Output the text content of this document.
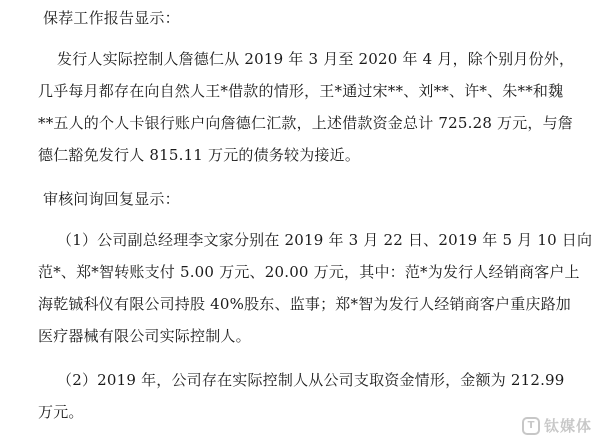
保荐工作报告显示：
发行人实际控制人詹德仁从 2019 年 3 月至 2020 年 4 月，除个别月份外，
几乎每月都存在向自然人王*借款的情形，王*通过宋**、刘**、许*、朱**和魏
**五人的个人卡银行账户向詹德仁汇款，上述借款资金总计 725.28 万元，与詹
德仁豁免发行人 815.11 万元的债务较为接近。
审核问询回复显示：
（1）公司副总经理李文家分别在 2019 年 3 月 22 日、2019 年 5 月 10 日向
范*、郑*智转账支付 5.00 万元、20.00 万元，其中：范*为发行人经销商客户上
海乾铖科仪有限公司持股 40%股东、监事；郑*智为发行人经销商客户重庆路加
医疗器械有限公司实际控制人。
（2）2019 年，公司存在实际控制人从公司支取资金情形，金额为 212.99
万元。
T 钛媒体
